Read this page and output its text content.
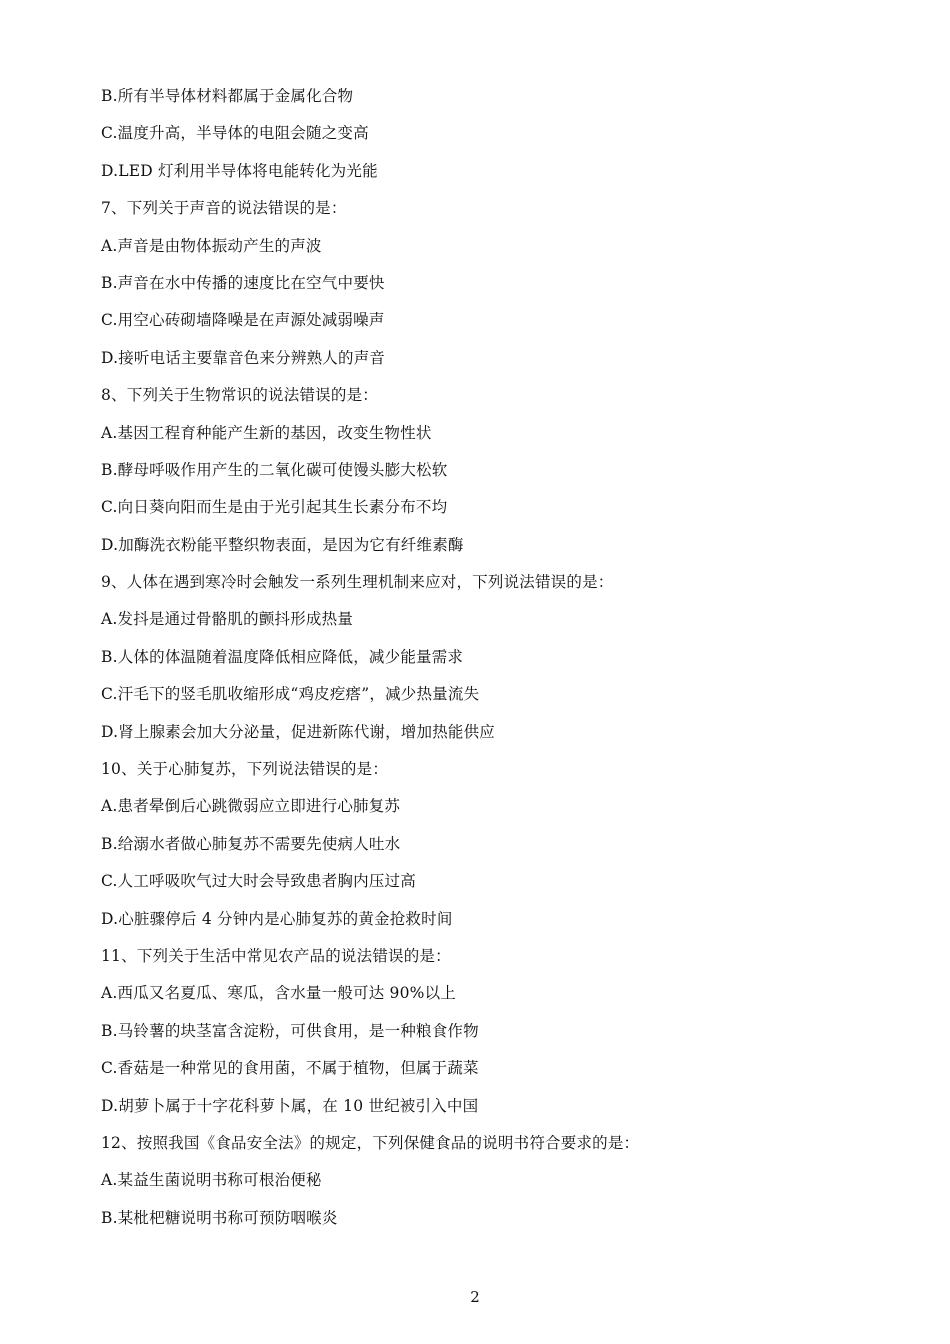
B.所有半导体材料都属于金属化合物
C.温度升高，半导体的电阻会随之变高
D.LED 灯利用半导体将电能转化为光能
7、下列关于声音的说法错误的是：
A.声音是由物体振动产生的声波
B.声音在水中传播的速度比在空气中要快
C.用空心砖砌墙降噪是在声源处减弱噪声
D.接听电话主要靠音色来分辨熟人的声音
8、下列关于生物常识的说法错误的是：
A.基因工程育种能产生新的基因，改变生物性状
B.酵母呼吸作用产生的二氧化碳可使馒头膨大松软
C.向日葵向阳而生是由于光引起其生长素分布不均
D.加酶洗衣粉能平整织物表面，是因为它有纤维素酶
9、人体在遇到寒冷时会触发一系列生理机制来应对，下列说法错误的是：
A.发抖是通过骨骼肌的颤抖形成热量
B.人体的体温随着温度降低相应降低，减少能量需求
C.汗毛下的竖毛肌收缩形成“鸡皮疙瘩”，减少热量流失
D.肾上腺素会加大分泌量，促进新陈代谢，增加热能供应
10、关于心肺复苏，下列说法错误的是：
A.患者晕倒后心跳微弱应立即进行心肺复苏
B.给溺水者做心肺复苏不需要先使病人吐水
C.人工呼吸吹气过大时会导致患者胸内压过高
D.心脏骤停后 4 分钟内是心肺复苏的黄金抢救时间
11、下列关于生活中常见农产品的说法错误的是：
A.西瓜又名夏瓜、寒瓜，含水量一般可达 90%以上
B.马铃薯的块茎富含淀粉，可供食用，是一种粮食作物
C.香菇是一种常见的食用菌，不属于植物，但属于蔬菜
D.胡萝卜属于十字花科萝卜属，在 10 世纪被引入中国
12、按照我国《食品安全法》的规定，下列保健食品的说明书符合要求的是：
A.某益生菌说明书称可根治便秘
B.某枇杷糖说明书称可预防咽喉炎
2
